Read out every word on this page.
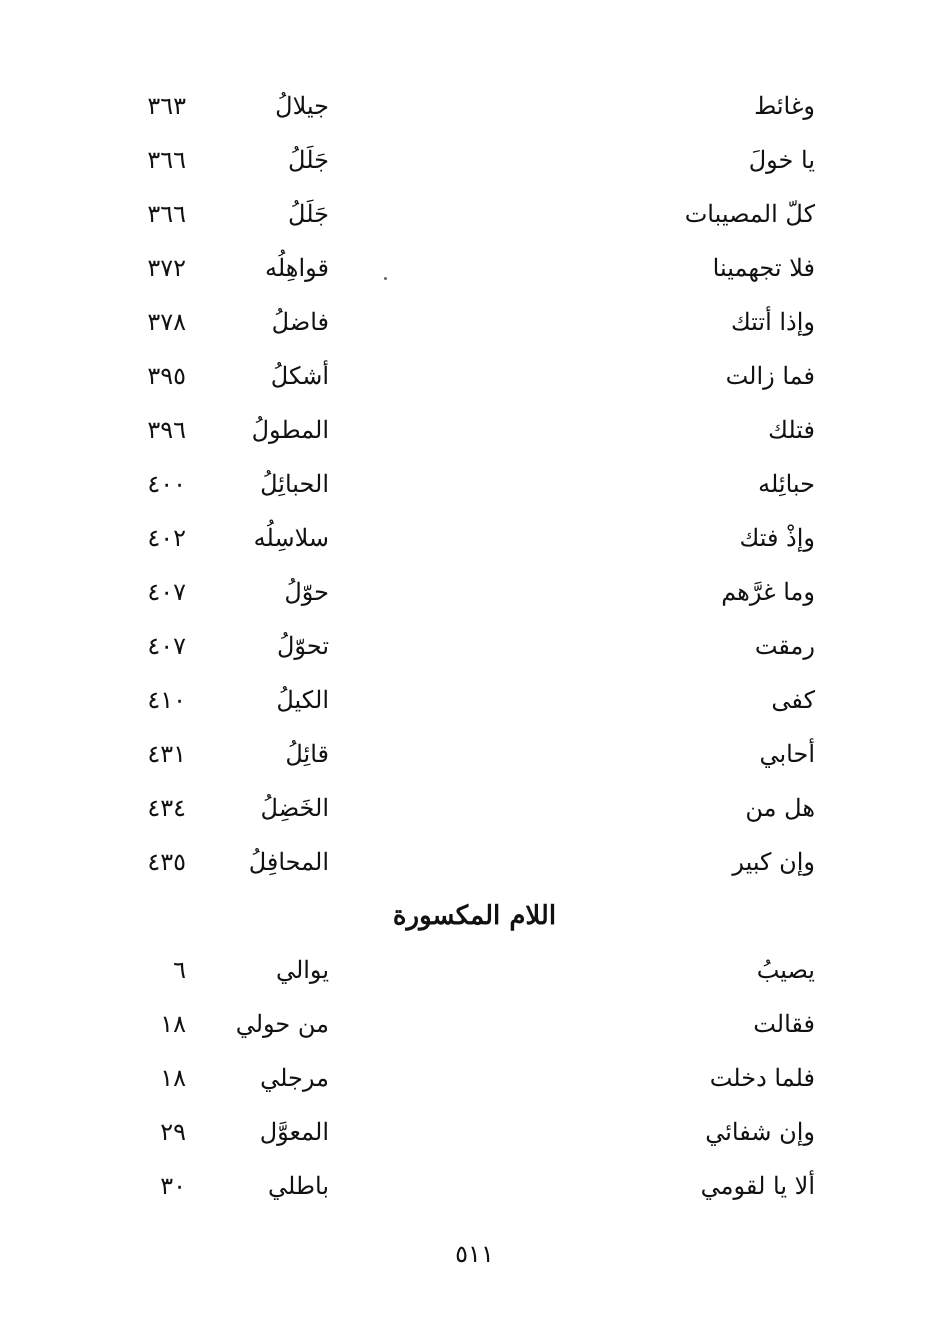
وغائط
جيلالُ
٣٦٣
يا خولَ
جَلَلُ
٣٦٦
كلّ المصيبات
جَلَلُ
٣٦٦
فلا تجهمينا
قواهِلُه
٣٧٢
وإذا أتتك
فاضلُ
٣٧٨
فما زالت
أشكلُ
٣٩٥
فتلك
المطولُ
٣٩٦
حبائِله
الحبائِلُ
٤٠٠
وإذْ فتك
سلاسِلُه
٤٠٢
وما غرَّهم
حوّلُ
٤٠٧
رمقت
تحوّلُ
٤٠٧
كفى
الكيلُ
٤١٠
أحابي
قائِلُ
٤٣١
هل من
الخَضِلُ
٤٣٤
وإن كبير
المحافِلُ
٤٣٥
اللام المكسورة
يصيبُ
يوالي
٦
فقالت
من حولي
١٨
فلما دخلت
مرجلي
١٨
وإن شفائي
المعوَّل
٢٩
ألا يا لقومي
باطلي
٣٠
٥١١
